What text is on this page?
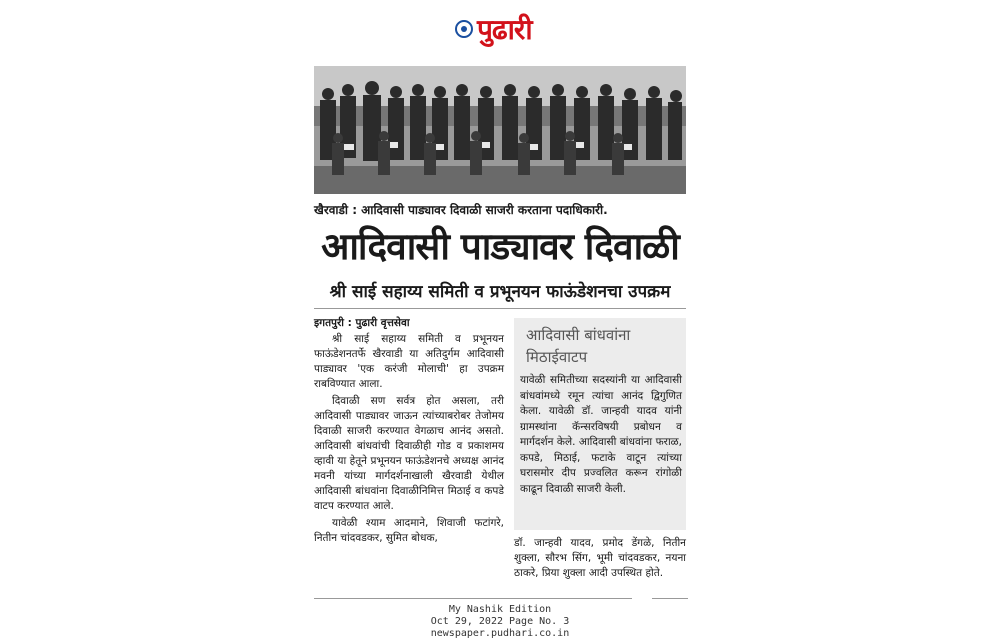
पुढारी
खैरवाडी : आदिवासी पाड्यावर दिवाळी साजरी करताना पदाधिकारी.
आदिवासी पाड्यावर दिवाळी
श्री साई सहाय्य समिती व प्रभूनयन फाऊंडेशनचा उपक्रम
इगतपुरी : पुढारी वृत्तसेवा

श्री साई सहाय्य समिती व प्रभूनयन फाऊंडेशनतर्फे खैरवाडी या अतिदुर्गम आदिवासी पाड्यावर 'एक करंजी मोलाची' हा उपक्रम राबविण्यात आला.

दिवाळी सण सर्वत्र होत असला, तरी आदिवासी पाड्यावर जाऊन त्यांच्याबरोबर तेजोमय दिवाळी साजरी करण्यात वेगळाच आनंद असतो. आदिवासी बांधवांची दिवाळीही गोड व प्रकाशमय व्हावी या हेतूने प्रभूनयन फाऊंडेशनचे अध्यक्ष आनंद मवनी यांच्या मार्गदर्शनाखाली खैरवाडी येथील आदिवासी बांधवांना दिवाळीनिमित्त मिठाई व कपडे वाटप करण्यात आले.

यावेळी श्याम आदमाने, शिवाजी फटांगरे, नितीन चांदवडकर, सुमित बोधक,

आदिवासी बांधवांना मिठाईवाटप
यावेळी समितीच्या सदस्यांनी या आदिवासी बांधवांमध्ये रमून त्यांचा आनंद द्विगुणित केला. यावेळी डॉ. जान्हवी यादव यांनी ग्रामस्थांना कॅन्सरविषयी प्रबोधन व मार्गदर्शन केले. आदिवासी बांधवांना फराळ, कपडे, मिठाई, फटाके वाटून त्यांच्या घरासमोर दीप प्रज्वलित करून रांगोळी काढून दिवाळी साजरी केली.
डॉ. जान्हवी यादव, प्रमोद डेंगळे, नितीन शुक्ला, सौरभ सिंग, भूमी चांदवडकर, नयना ठाकरे, प्रिया शुक्ला आदी उपस्थित होते.
My Nashik Edition
Oct 29, 2022 Page No. 3
newspaper.pudhari.co.in
